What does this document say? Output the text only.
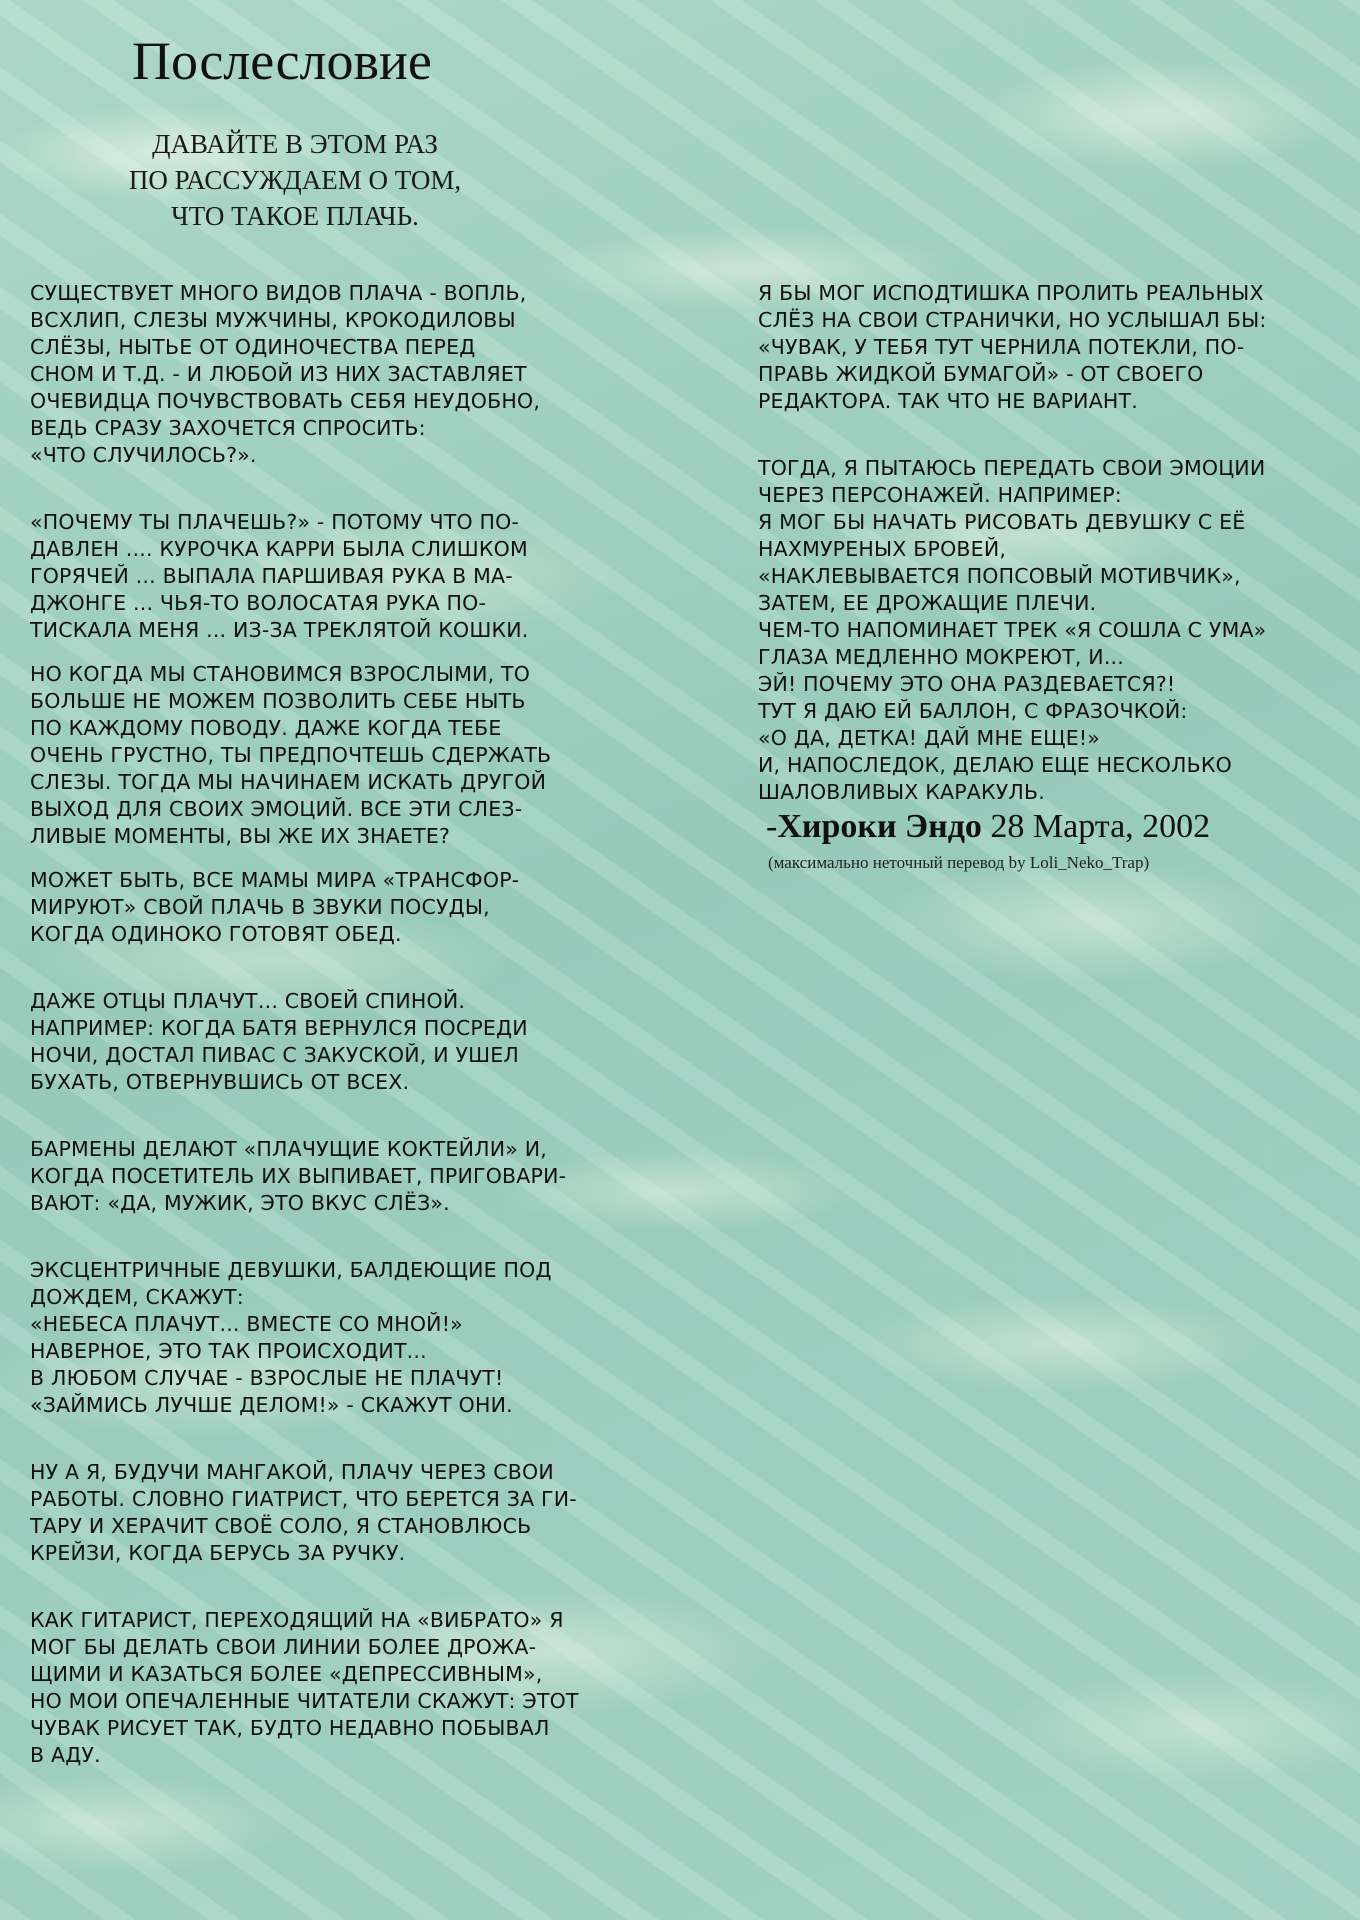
Послесловие
ДАВАЙТЕ В ЭТОМ РАЗ
ПО РАССУЖДАЕМ О ТОМ,
ЧТО ТАКОЕ ПЛАЧЬ.

СУЩЕСТВУЕТ МНОГО ВИДОВ ПЛАЧА - ВОПЛЬ,
ВСХЛИП, СЛЕЗЫ МУЖЧИНЫ, КРОКОДИЛОВЫ
СЛЁЗЫ, НЫТЬЕ ОТ ОДИНОЧЕСТВА ПЕРЕД
СНОМ И Т.Д. - И ЛЮБОЙ ИЗ НИХ ЗАСТАВЛЯЕТ
ОЧЕВИДЦА ПОЧУВСТВОВАТЬ СЕБЯ НЕУДОБНО,
ВЕДЬ СРАЗУ ЗАХОЧЕТСЯ СПРОСИТЬ:
«ЧТО СЛУЧИЛОСЬ?».

«ПОЧЕМУ ТЫ ПЛАЧЕШЬ?» - ПОТОМУ ЧТО ПО-
ДАВЛЕН .... КУРОЧКА КАРРИ БЫЛА СЛИШКОМ
ГОРЯЧЕЙ ... ВЫПАЛА ПАРШИВАЯ РУКА В МА-
ДЖОНГЕ ... ЧЬЯ-ТО ВОЛОСАТАЯ РУКА ПО-
ТИСКАЛА МЕНЯ ... ИЗ-ЗА ТРЕКЛЯТОЙ КОШКИ.

НО КОГДА МЫ СТАНОВИМСЯ ВЗРОСЛЫМИ, ТО
БОЛЬШЕ НЕ МОЖЕМ ПОЗВОЛИТЬ СЕБЕ НЫТЬ
ПО КАЖДОМУ ПОВОДУ. ДАЖЕ КОГДА ТЕБЕ
ОЧЕНЬ ГРУСТНО, ТЫ ПРЕДПОЧТЕШЬ СДЕРЖАТЬ
СЛЕЗЫ. ТОГДА МЫ НАЧИНАЕМ ИСКАТЬ ДРУГОЙ
ВЫХОД ДЛЯ СВОИХ ЭМОЦИЙ. ВСЕ ЭТИ СЛЕЗ-
ЛИВЫЕ МОМЕНТЫ, ВЫ ЖЕ ИХ ЗНАЕТЕ?

МОЖЕТ БЫТЬ, ВСЕ МАМЫ МИРА «ТРАНСФОР-
МИРУЮТ» СВОЙ ПЛАЧЬ В ЗВУКИ ПОСУДЫ,
КОГДА ОДИНОКО ГОТОВЯТ ОБЕД.

ДАЖЕ ОТЦЫ ПЛАЧУТ... СВОЕЙ СПИНОЙ.
НАПРИМЕР: КОГДА БАТЯ ВЕРНУЛСЯ ПОСРЕДИ
НОЧИ, ДОСТАЛ ПИВАС С ЗАКУСКОЙ, И УШЕЛ
БУХАТЬ, ОТВЕРНУВШИСЬ ОТ ВСЕХ.

БАРМЕНЫ ДЕЛАЮТ «ПЛАЧУЩИЕ КОКТЕЙЛИ» И,
КОГДА ПОСЕТИТЕЛЬ ИХ ВЫПИВАЕТ, ПРИГОВАРИ-
ВАЮТ: «ДА, МУЖИК, ЭТО ВКУС СЛЁЗ».

ЭКСЦЕНТРИЧНЫЕ ДЕВУШКИ, БАЛДЕЮЩИЕ ПОД
ДОЖДЕМ, СКАЖУТ:
«НЕБЕСА ПЛАЧУТ... ВМЕСТЕ СО МНОЙ!»
НАВЕРНОЕ, ЭТО ТАК ПРОИСХОДИТ...
В ЛЮБОМ СЛУЧАЕ - ВЗРОСЛЫЕ НЕ ПЛАЧУТ!
«ЗАЙМИСЬ ЛУЧШЕ ДЕЛОМ!» - СКАЖУТ ОНИ.

НУ А Я, БУДУЧИ МАНГАКОЙ, ПЛАЧУ ЧЕРЕЗ СВОИ
РАБОТЫ. СЛОВНО ГИАТРИСТ, ЧТО БЕРЕТСЯ ЗА ГИ-
ТАРУ И ХЕРАЧИТ СВОЁ СОЛО, Я СТАНОВЛЮСЬ
КРЕЙЗИ, КОГДА БЕРУСЬ ЗА РУЧКУ.

КАК ГИТАРИСТ, ПЕРЕХОДЯЩИЙ НА «ВИБРАТО» Я
МОГ БЫ ДЕЛАТЬ СВОИ ЛИНИИ БОЛЕЕ ДРОЖА-
ЩИМИ И КАЗАТЬСЯ БОЛЕЕ «ДЕПРЕССИВНЫМ»,
НО МОИ ОПЕЧАЛЕННЫЕ ЧИТАТЕЛИ СКАЖУТ: ЭТОТ
ЧУВАК РИСУЕТ ТАК, БУДТО НЕДАВНО ПОБЫВАЛ
В АДУ.

Я БЫ МОГ ИСПОДТИШКА ПРОЛИТЬ РЕАЛЬНЫХ
СЛЁЗ НА СВОИ СТРАНИЧКИ, НО УСЛЫШАЛ БЫ:
«ЧУВАК, У ТЕБЯ ТУТ ЧЕРНИЛА ПОТЕКЛИ, ПО-
ПРАВЬ ЖИДКОЙ БУМАГОЙ» - ОТ СВОЕГО
РЕДАКТОРА. ТАК ЧТО НЕ ВАРИАНТ.

ТОГДА, Я ПЫТАЮСЬ ПЕРЕДАТЬ СВОИ ЭМОЦИИ
ЧЕРЕЗ ПЕРСОНАЖЕЙ. НАПРИМЕР:
Я МОГ БЫ НАЧАТЬ РИСОВАТЬ ДЕВУШКУ С ЕЁ
НАХМУРЕНЫХ БРОВЕЙ,
«НАКЛЕВЫВАЕТСЯ ПОПСОВЫЙ МОТИВЧИК»,
ЗАТЕМ, ЕЕ ДРОЖАЩИЕ ПЛЕЧИ.
ЧЕМ-ТО НАПОМИНАЕТ ТРЕК «Я СОШЛА С УМА»
ГЛАЗА МЕДЛЕННО МОКРЕЮТ, И...
ЭЙ! ПОЧЕМУ ЭТО ОНА РАЗДЕВАЕТСЯ?!
ТУТ Я ДАЮ ЕЙ БАЛЛОН, С ФРАЗОЧКОЙ:
«О ДА, ДЕТКА! ДАЙ МНЕ ЕЩЕ!»
И, НАПОСЛЕДОК, ДЕЛАЮ ЕЩЕ НЕСКОЛЬКО
ШАЛОВЛИВЫХ КАРАКУЛЬ.

-Хироки Эндо 28 Марта, 2002
(максимально неточный перевод by Loli_Neko_Trap)
